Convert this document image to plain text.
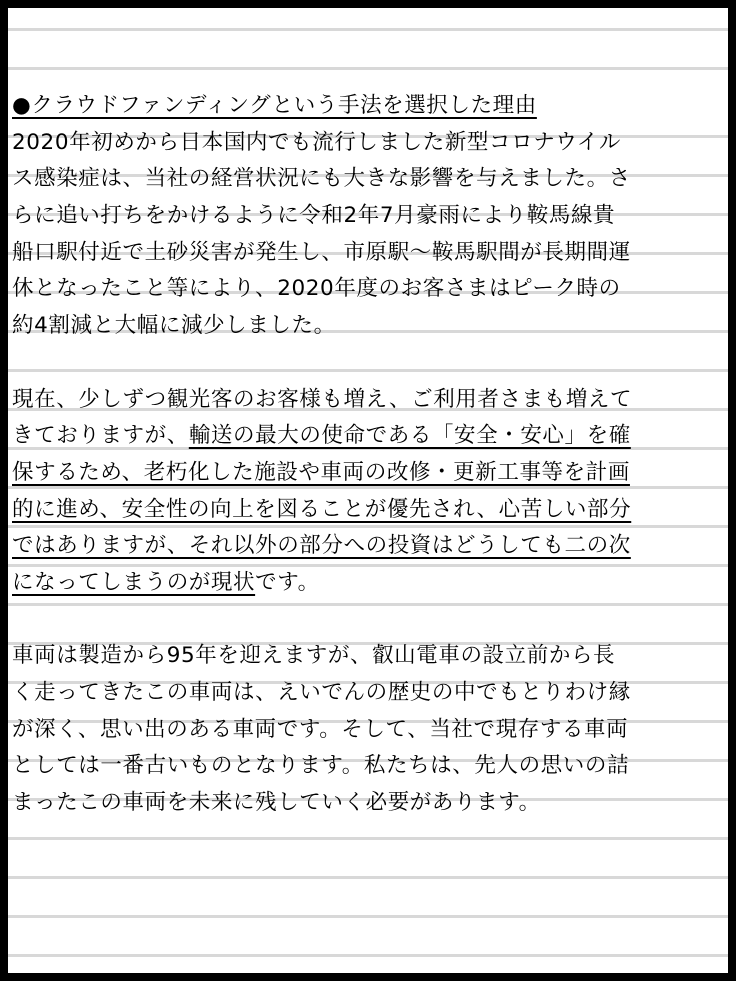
●クラウドファンディングという手法を選択した理由
2020年初めから日本国内でも流行しました新型コロナウイル
ス感染症は、当社の経営状況にも大きな影響を与えました。さ
らに追い打ちをかけるように令和2年7月豪雨により鞍馬線貴
船口駅付近で土砂災害が発生し、市原駅～鞍馬駅間が長期間運
休となったこと等により、2020年度のお客さまはピーク時の
約4割減と大幅に減少しました。
現在、少しずつ観光客のお客様も増え、ご利用者さまも増えて
きておりますが、輸送の最大の使命である「安全・安心」を確
保するため、老朽化した施設や車両の改修・更新工事等を計画
的に進め、安全性の向上を図ることが優先され、心苦しい部分
ではありますが、それ以外の部分への投資はどうしても二の次
になってしまうのが現状です。
車両は製造から95年を迎えますが、叡山電車の設立前から長
く走ってきたこの車両は、えいでんの歴史の中でもとりわけ縁
が深く、思い出のある車両です。そして、当社で現存する車両
としては一番古いものとなります。私たちは、先人の思いの詰
まったこの車両を未来に残していく必要があります。
